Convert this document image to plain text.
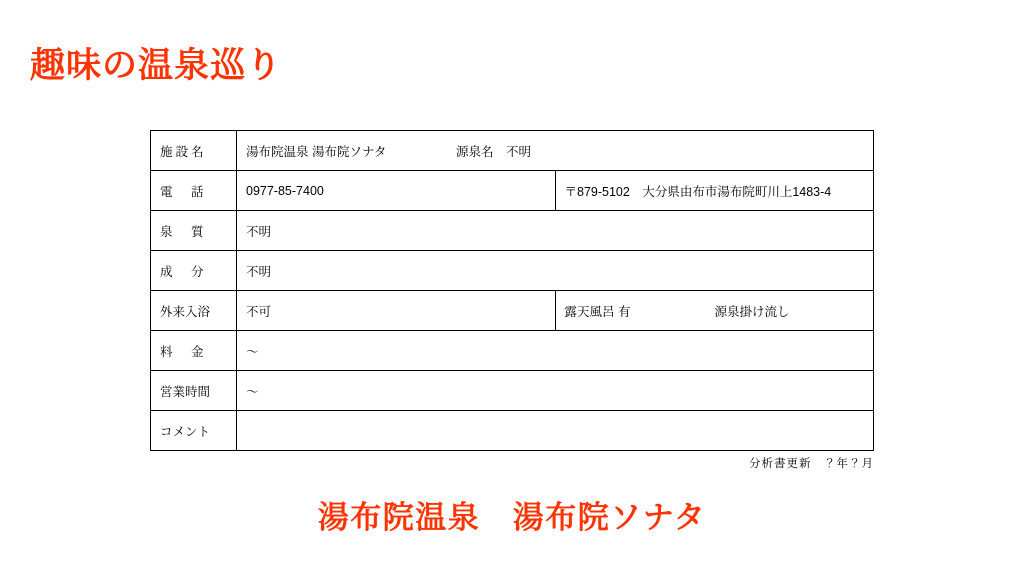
趣味の温泉巡り
施設名	湯布院温泉 湯布院ソナタ 源泉名　不明	

電　話	0977-85-7400	〒879-5102　大分県由布市湯布院町川上1483-4
泉　質	不明	
成　分	不明	
外来入浴	不可	露天風呂 有 源泉掛け流し

料　金	〜	
営業時間	〜	
コメント		
分析書更新　？年？月
湯布院温泉　湯布院ソナタ
